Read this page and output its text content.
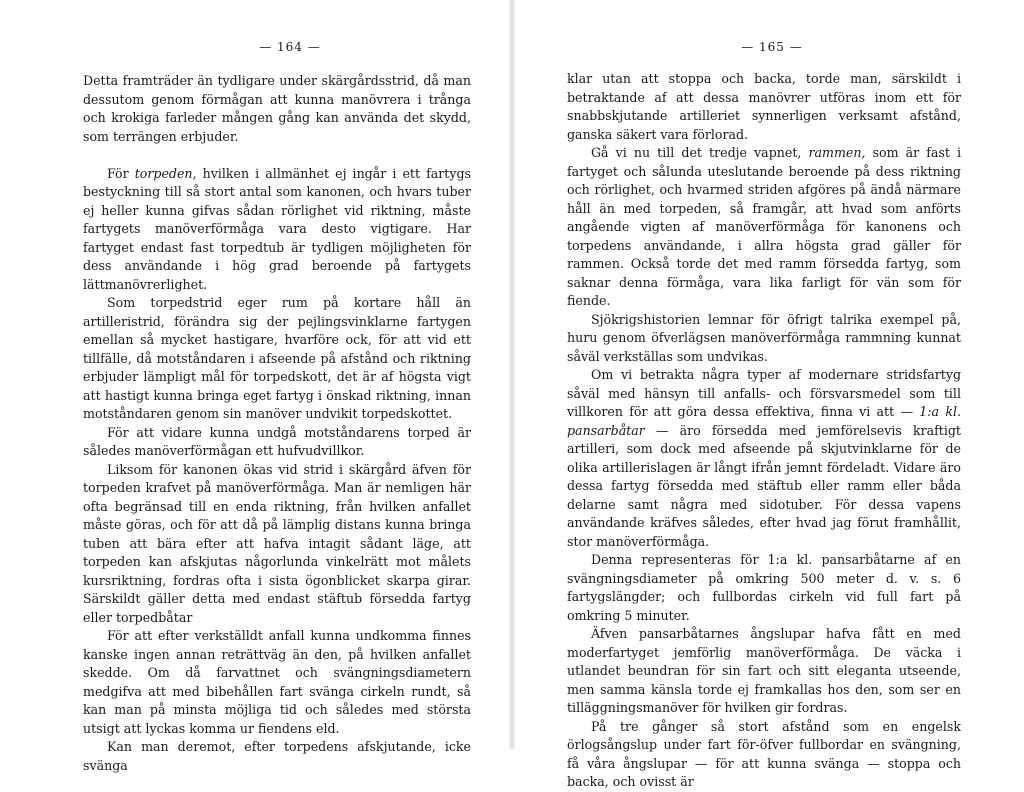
— 164 —

Detta framträder än tydligare under skärgårdsstrid, då man dessutom genom förmågan att kunna manövrera i trånga och krokiga farleder mången gång kan använda det skydd, som terrängen erbjuder.

För torpeden, hvilken i allmänhet ej ingår i ett fartygs bestyckning till så stort antal som kanonen, och hvars tuber ej heller kunna gifvas sådan rörlighet vid riktning, måste fartygets manöverförmåga vara desto vigtigare. Har fartyget endast fast torpedtub är tydligen möjligheten för dess användande i hög grad beroende på fartygets lättmanövrerlighet.

Som torpedstrid eger rum på kortare håll än artilleristrid, förändra sig der pejlingsvinklarne fartygen emellan så mycket hastigare, hvarföre ock, för att vid ett tillfälle, då motståndaren i afseende på afstånd och riktning erbjuder lämpligt mål för torpedskott, det är af högsta vigt att hastigt kunna bringa eget fartyg i önskad riktning, innan motståndaren genom sin manöver undvikit torpedskottet.

För att vidare kunna undgå motståndarens torped är således manöverförmågan ett hufvudvillkor.

Liksom för kanonen ökas vid strid i skärgård äfven för torpeden krafvet på manöverförmåga. Man är nemligen här ofta begränsad till en enda riktning, från hvilken anfallet måste göras, och för att då på lämplig distans kunna bringa tuben att bära efter att hafva intagit sådant läge, att torpeden kan afskjutas någorlunda vinkelrätt mot målets kursriktning, fordras ofta i sista ögonblicket skarpa girar. Särskildt gäller detta med endast stäftub försedda fartyg eller torpedbåtar

För att efter verkställdt anfall kunna undkomma finnes kanske ingen annan reträttväg än den, på hvilken anfallet skedde. Om då farvattnet och svängningsdiametern medgifva att med bibehållen fart svänga cirkeln rundt, så kan man på minsta möjliga tid och således med största utsigt att lyckas komma ur fiendens eld.

Kan man deremot, efter torpedens afskjutande, icke svänga

— 165 —

klar utan att stoppa och backa, torde man, särskildt i betraktande af att dessa manövrer utföras inom ett för snabbskjutande artilleriet synnerligen verksamt afstånd, ganska säkert vara förlorad.

Gå vi nu till det tredje vapnet, rammen, som är fast i fartyget och sålunda uteslutande beroende på dess riktning och rörlighet, och hvarmed striden afgöres på ändå närmare håll än med torpeden, så framgår, att hvad som anförts angående vigten af manöverförmåga för kanonens och torpedens användande, i allra högsta grad gäller för rammen. Också torde det med ramm försedda fartyg, som saknar denna förmåga, vara lika farligt för vän som för fiende.

Sjökrigshistorien lemnar för öfrigt talrika exempel på, huru genom öfverlägsen manöverförmåga rammning kunnat såväl verkställas som undvikas.

Om vi betrakta några typer af modernare stridsfartyg såväl med hänsyn till anfalls- och försvarsmedel som till villkoren för att göra dessa effektiva, finna vi att — 1:a kl. pansarbåtar — äro försedda med jemförelsevis kraftigt artilleri, som dock med afseende på skjutvinklarne för de olika artillerislagen är långt ifrån jemnt fördeladt. Vidare äro dessa fartyg försedda med stäftub eller ramm eller båda delarne samt några med sidotuber. För dessa vapens användande kräfves således, efter hvad jag förut framhållit, stor manöverförmåga.

Denna representeras för 1:a kl. pansarbåtarne af en svängningsdiameter på omkring 500 meter d. v. s. 6 fartygslängder; och fullbordas cirkeln vid full fart på omkring 5 minuter.

Äfven pansarbåtarnes ångslupar hafva fått en med moderfartyget jemförlig manöverförmåga. De väcka i utlandet beundran för sin fart och sitt eleganta utseende, men samma känsla torde ej framkallas hos den, som ser en tilläggningsmanöver för hvilken gir fordras.

På tre gånger så stort afstånd som en engelsk örlogsångslup under fart för-öfver fullbordar en svängning, få våra ångslupar — för att kunna svänga — stoppa och backa, och ovisst är
